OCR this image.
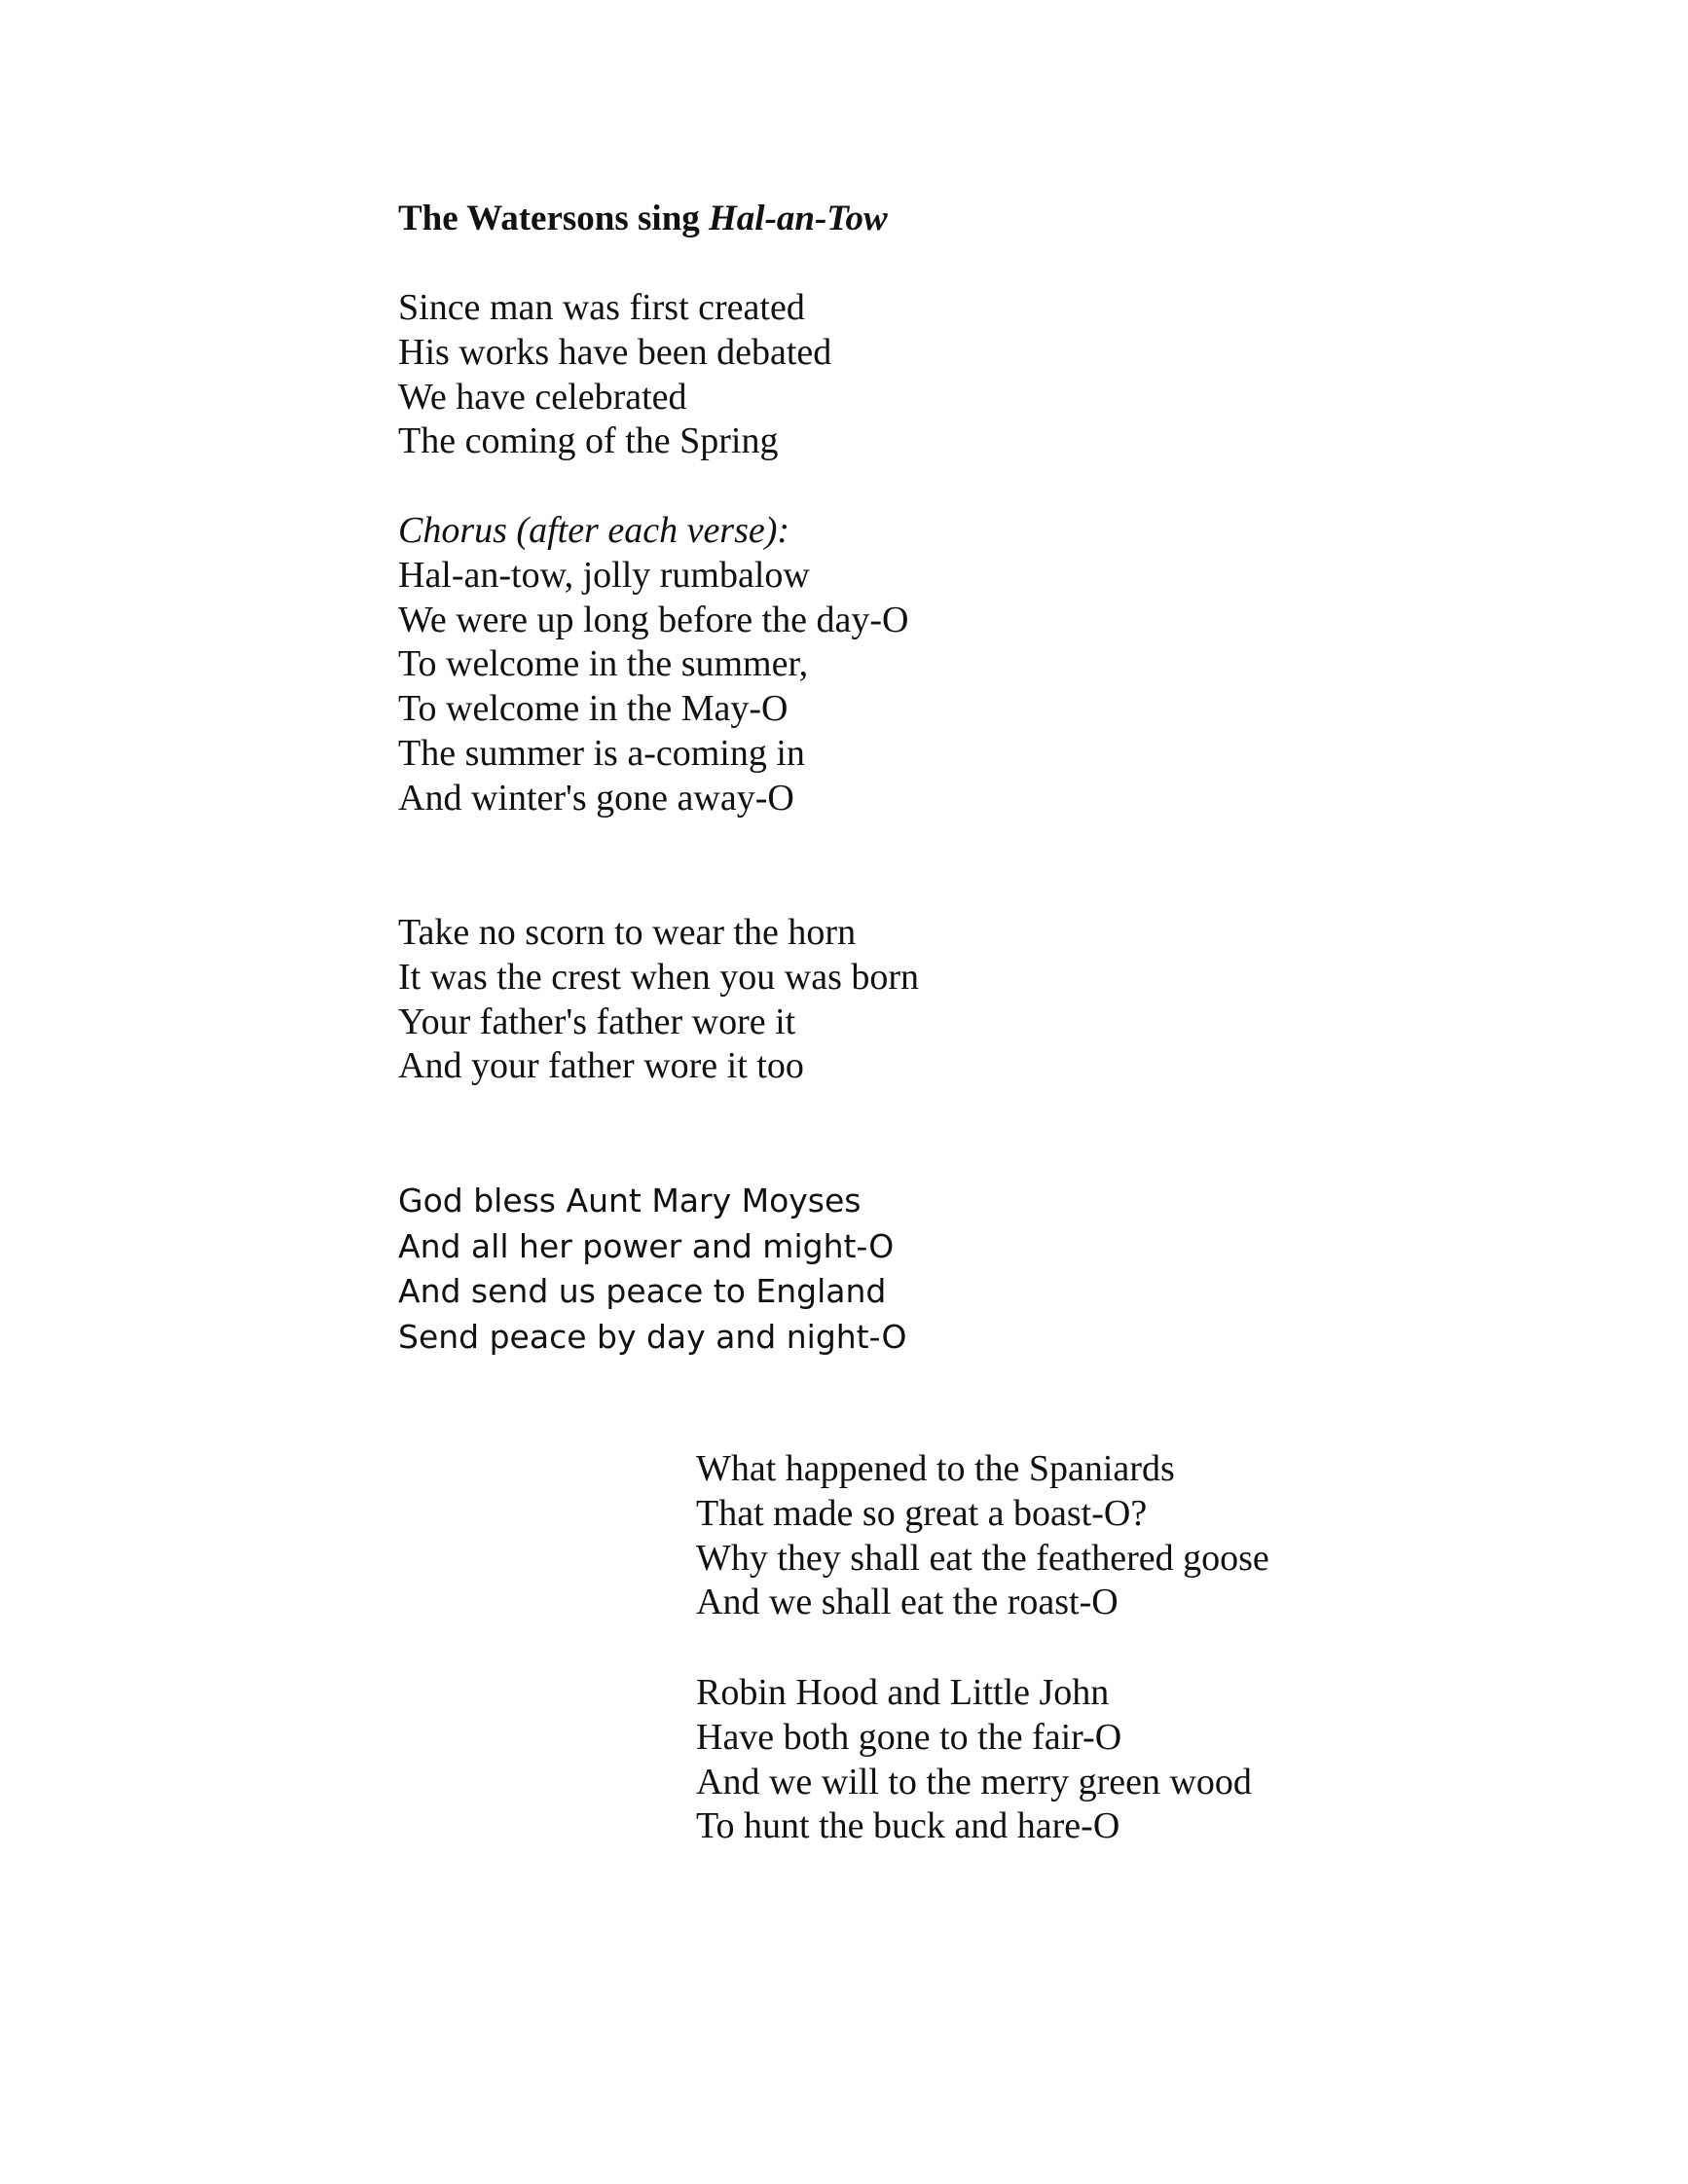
The Watersons sing Hal-an-Tow
Since man was first created
His works have been debated
We have celebrated
The coming of the Spring
Chorus (after each verse):
Hal-an-tow, jolly rumbalow
We were up long before the day-O
To welcome in the summer,
To welcome in the May-O
The summer is a-coming in
And winter's gone away-O
Take no scorn to wear the horn
It was the crest when you was born
Your father's father wore it
And your father wore it too
God bless Aunt Mary Moyses
And all her power and might-O
And send us peace to England
Send peace by day and night-O
What happened to the Spaniards
That made so great a boast-O?
Why they shall eat the feathered goose
And we shall eat the roast-O
Robin Hood and Little John
Have both gone to the fair-O
And we will to the merry green wood
To hunt the buck and hare-O
